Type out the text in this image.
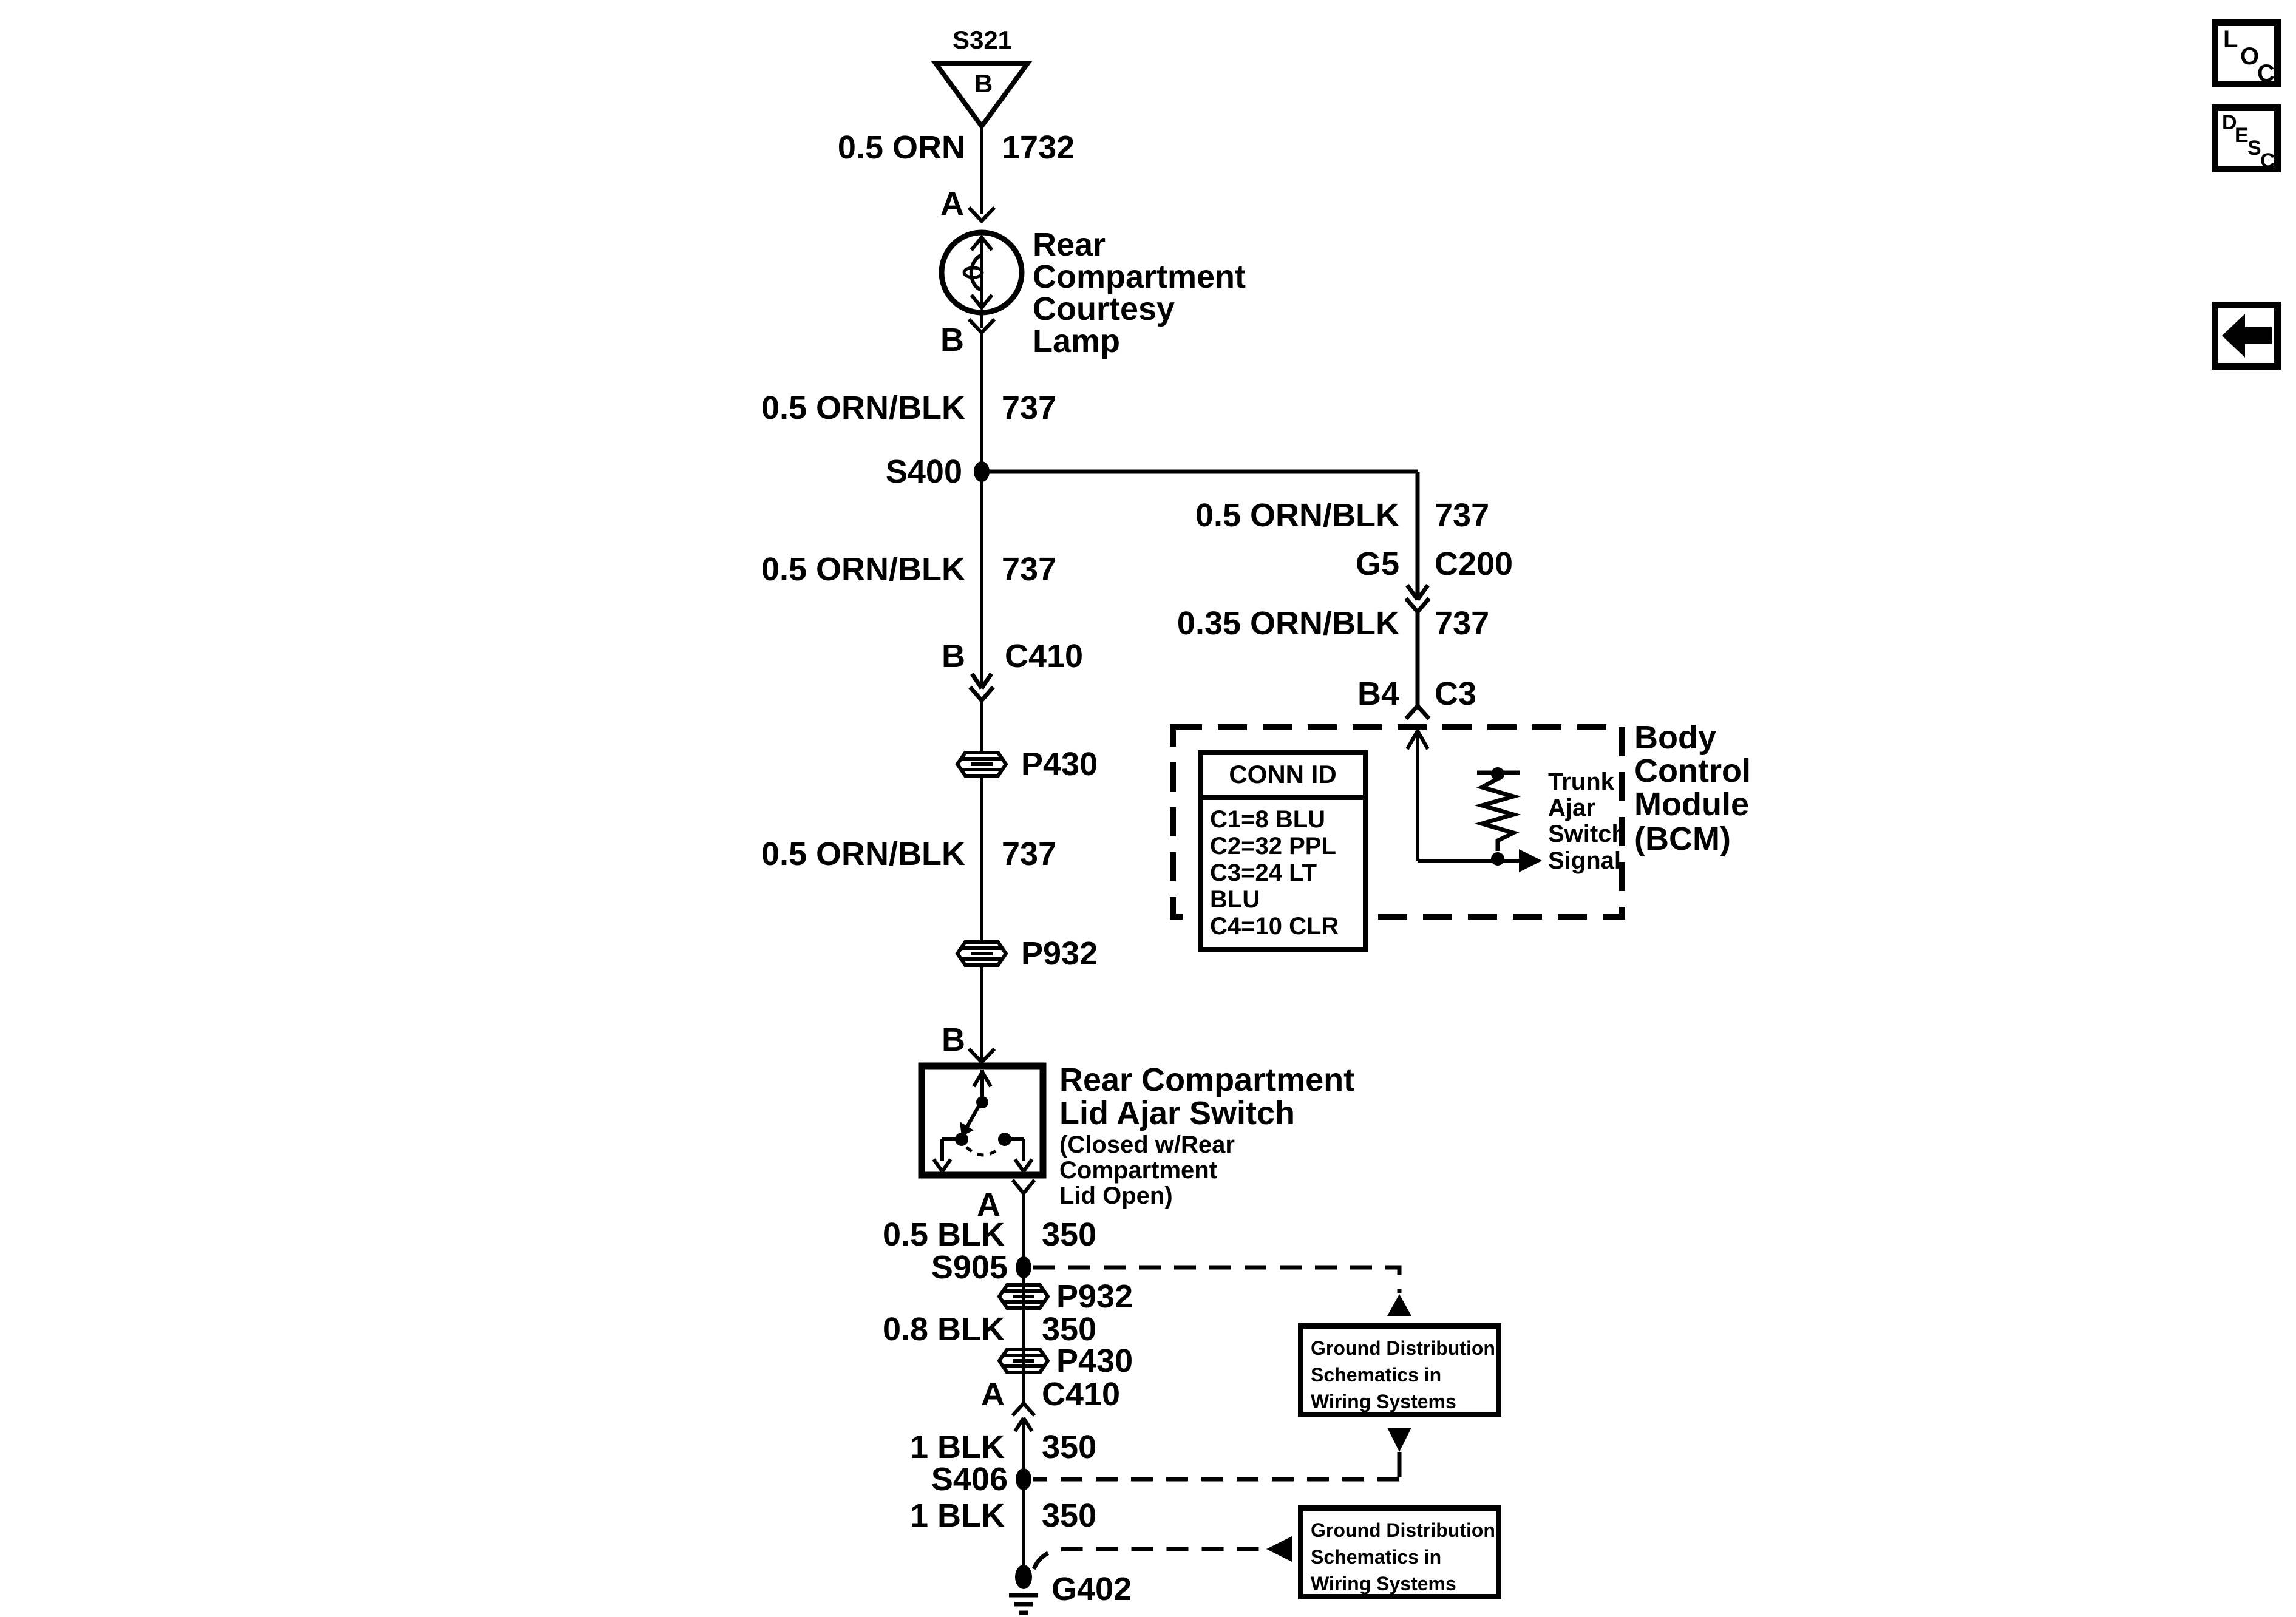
S321
B
0.5 ORN 1732
A
Rear
Compartment
Courtesy
Lamp
B
0.5 ORN/BLK 737
S400
0.5 ORN/BLK 737
G5 C200
0.35 ORN/BLK 737
B4 C3
CONN ID
C1=8 BLU
C2=32 PPL
C3=24 LT BLU
C4=10 CLR
Trunk
Ajar
Switch
Signal
Body
Control
Module
(BCM)
0.5 ORN/BLK 737
B C410
P430
0.5 ORN/BLK 737
P932
B
Rear Compartment
Lid Ajar Switch
(Closed w/Rear
Compartment
Lid Open)
A
0.5 BLK 350
S905
P932
0.8 BLK 350
P430
A C410
1 BLK 350
S406
1 BLK 350
G402
Ground Distribution
Schematics in
Wiring Systems
Ground Distribution
Schematics in
Wiring Systems
L
O
C
D
E
S
C
